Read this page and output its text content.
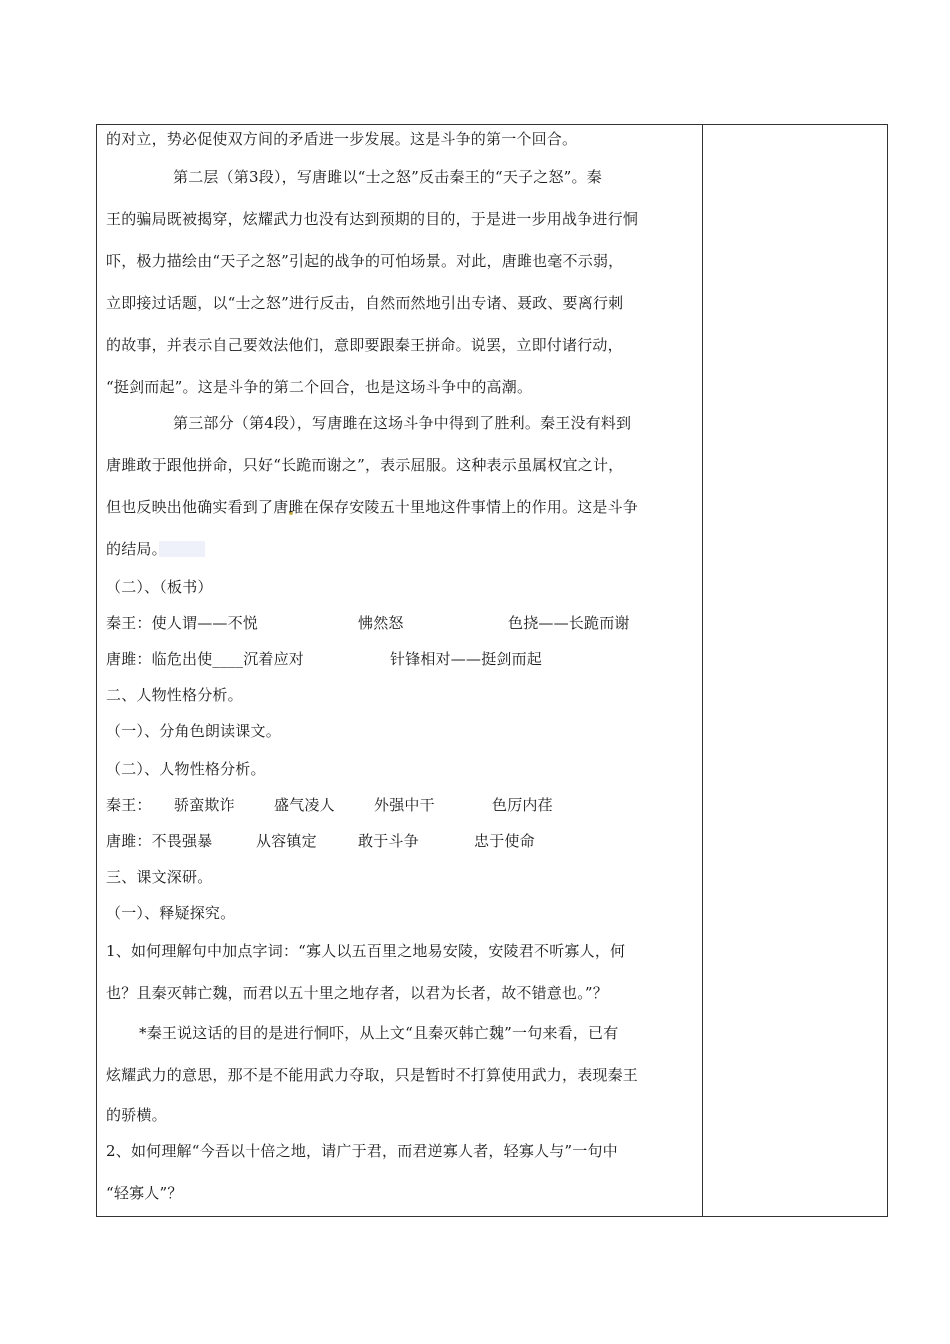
的对立，势必促使双方间的矛盾进一步发展。这是斗争的第一个回合。
第二层（第3段），写唐雎以“士之怒”反击秦王的“天子之怒”。秦
王的骗局既被揭穿，炫耀武力也没有达到预期的目的，于是进一步用战争进行恫
吓，极力描绘由“天子之怒”引起的战争的可怕场景。对此，唐雎也毫不示弱，
立即接过话题，以“士之怒”进行反击，自然而然地引出专诸、聂政、要离行刺
的故事，并表示自己要效法他们，意即要跟秦王拼命。说罢，立即付诸行动，
“挺剑而起”。这是斗争的第二个回合，也是这场斗争中的高潮。
第三部分（第4段），写唐雎在这场斗争中得到了胜利。秦王没有料到
唐雎敢于跟他拼命，只好“长跪而谢之”，表示屈服。这种表示虽属权宜之计，
但也反映出他确实看到了唐雎在保存安陵五十里地这件事情上的作用。这是斗争
的结局。
（二）、（板书）
秦王：使人谓——不悦	怫然怒	色挠——长跪而谢
唐雎：临危出使____沉着应对	针锋相对——挺剑而起
二、人物性格分析。
（一）、分角色朗读课文。
（二）、人物性格分析。
秦王： 骄蛮欺诈	盛气凌人	外强中干	色厉内荏
唐雎：不畏强暴	从容镇定	敢于斗争	忠于使命
三、课文深研。
（一）、释疑探究。
1、如何理解句中加点字词：“寡人以五百里之地易安陵，安陵君不听寡人，何
也？且秦灭韩亡魏，而君以五十里之地存者，以君为长者，故不错意也。”？
*秦王说这话的目的是进行恫吓，从上文“且秦灭韩亡魏”一句来看，已有
炫耀武力的意思，那不是不能用武力夺取，只是暂时不打算使用武力，表现秦王
的骄横。
2、如何理解“今吾以十倍之地，请广于君，而君逆寡人者，轻寡人与”一句中
“轻寡人”？
